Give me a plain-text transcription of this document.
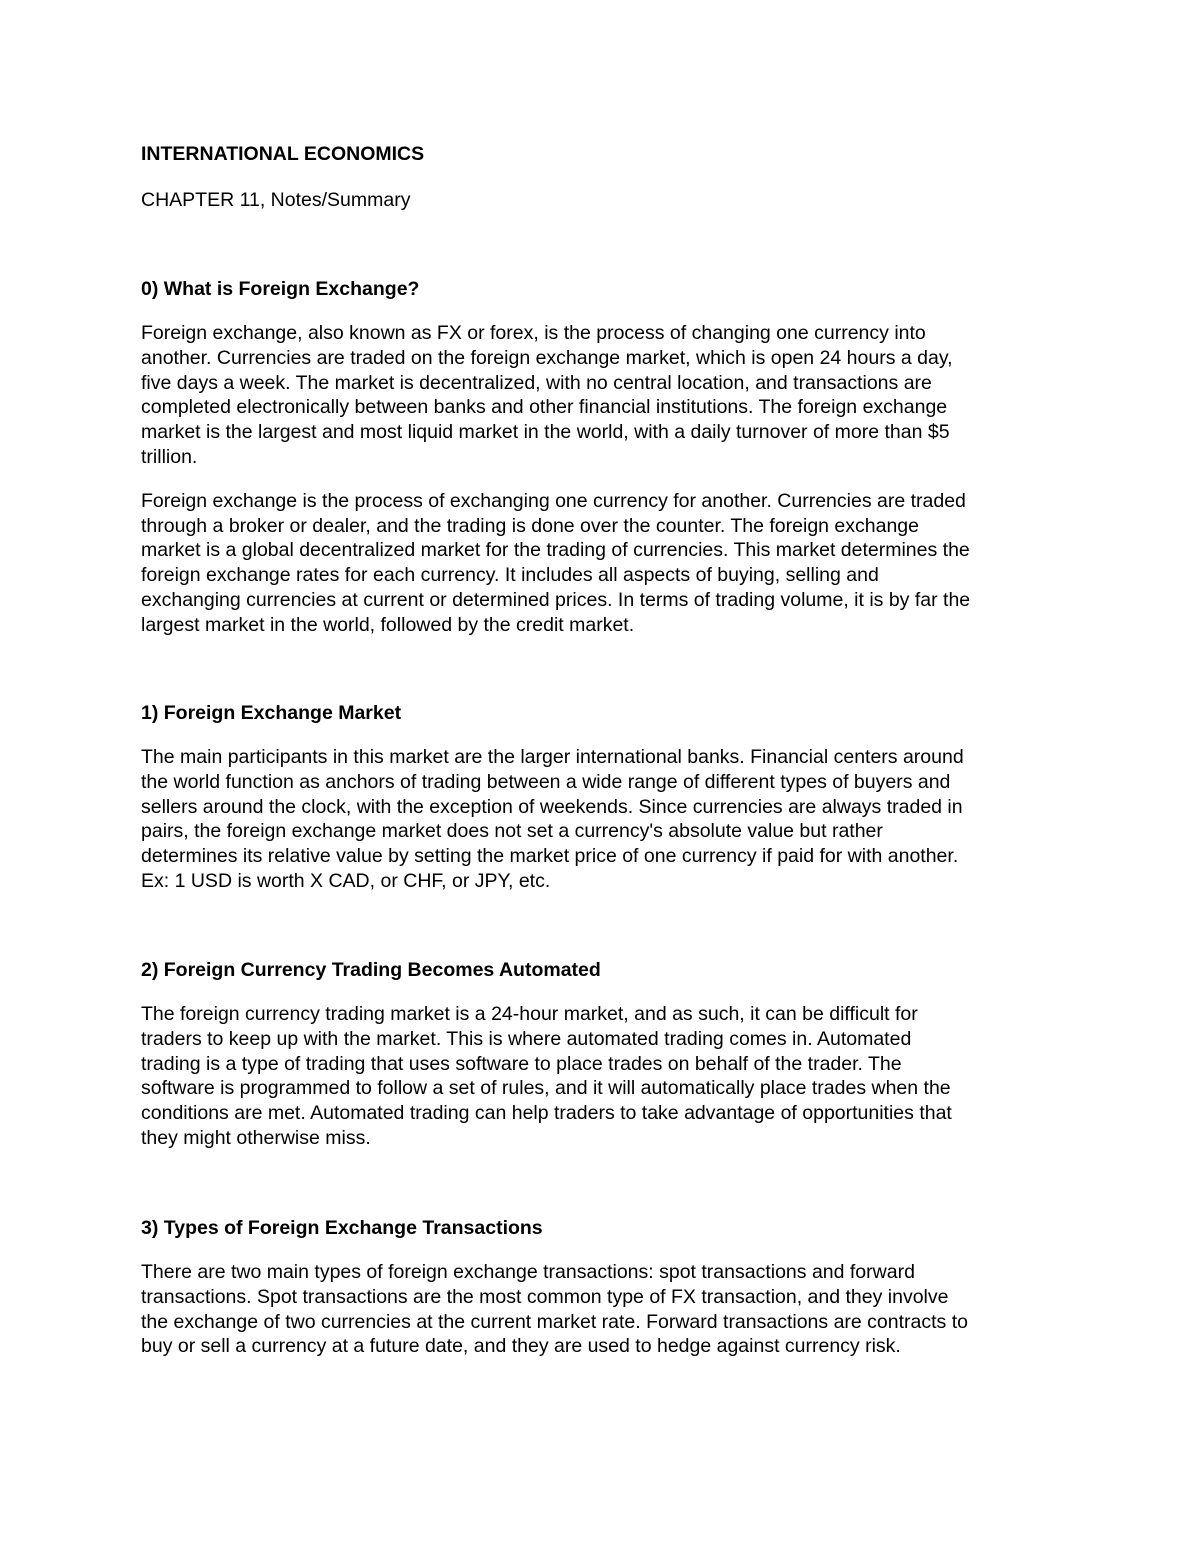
INTERNATIONAL ECONOMICS

CHAPTER 11, Notes/Summary

0) What is Foreign Exchange?

Foreign exchange, also known as FX or forex, is the process of changing one currency into
another. Currencies are traded on the foreign exchange market, which is open 24 hours a day,
five days a week. The market is decentralized, with no central location, and transactions are
completed electronically between banks and other financial institutions. The foreign exchange
market is the largest and most liquid market in the world, with a daily turnover of more than $5
trillion.

Foreign exchange is the process of exchanging one currency for another. Currencies are traded
through a broker or dealer, and the trading is done over the counter. The foreign exchange
market is a global decentralized market for the trading of currencies. This market determines the
foreign exchange rates for each currency. It includes all aspects of buying, selling and
exchanging currencies at current or determined prices. In terms of trading volume, it is by far the
largest market in the world, followed by the credit market.

1) Foreign Exchange Market

The main participants in this market are the larger international banks. Financial centers around
the world function as anchors of trading between a wide range of different types of buyers and
sellers around the clock, with the exception of weekends. Since currencies are always traded in
pairs, the foreign exchange market does not set a currency's absolute value but rather
determines its relative value by setting the market price of one currency if paid for with another.
Ex: 1 USD is worth X CAD, or CHF, or JPY, etc.

2) Foreign Currency Trading Becomes Automated

The foreign currency trading market is a 24-hour market, and as such, it can be difficult for
traders to keep up with the market. This is where automated trading comes in. Automated
trading is a type of trading that uses software to place trades on behalf of the trader. The
software is programmed to follow a set of rules, and it will automatically place trades when the
conditions are met. Automated trading can help traders to take advantage of opportunities that
they might otherwise miss.

3) Types of Foreign Exchange Transactions

There are two main types of foreign exchange transactions: spot transactions and forward
transactions. Spot transactions are the most common type of FX transaction, and they involve
the exchange of two currencies at the current market rate. Forward transactions are contracts to
buy or sell a currency at a future date, and they are used to hedge against currency risk.
